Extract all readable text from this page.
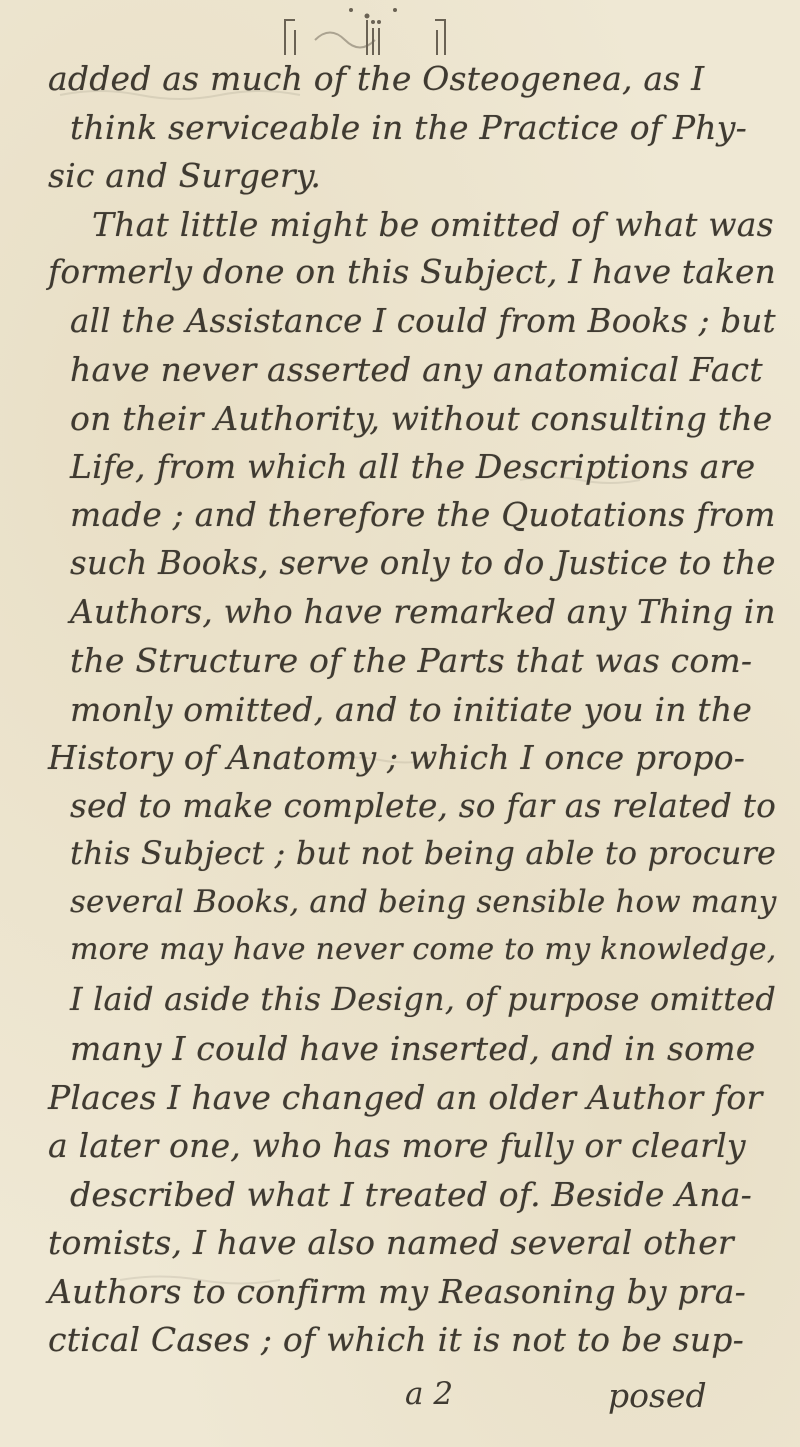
added as much of the Osteogenea, as I
think serviceable in the Practice of Phy-
sic and Surgery.
That little might be omitted of what was
formerly done on this Subject, I have taken
all the Assistance I could from Books ; but
have never asserted any anatomical Fact
on their Authority, without consulting the
Life, from which all the Descriptions are
made ; and therefore the Quotations from
such Books, serve only to do Justice to the
Authors, who have remarked any Thing in
the Structure of the Parts that was com-
monly omitted, and to initiate you in the
History of Anatomy ; which I once propo-
sed to make complete, so far as related to
this Subject ; but not being able to procure
several Books, and being sensible how many
more may have never come to my knowledge,
I laid aside this Design, of purpose omitted
many I could have inserted, and in some
Places I have changed an older Author for
a later one, who has more fully or clearly
described what I treated of. Beside Ana-
tomists, I have also named several other
Authors to confirm my Reasoning by pra-
ctical Cases ; of which it is not to be sup-
a 2	posed
